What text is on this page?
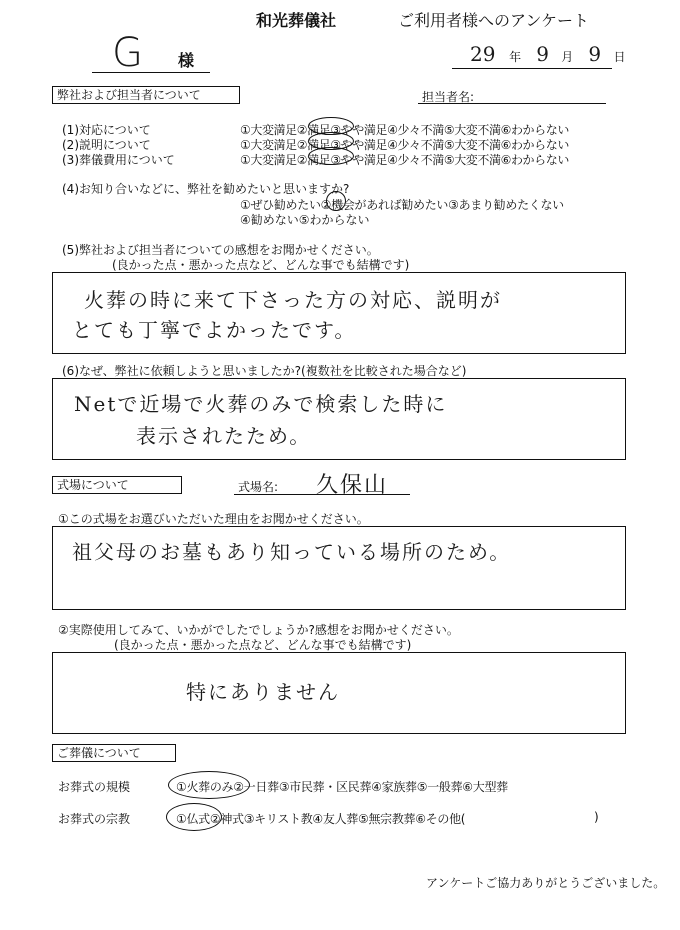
和光葬儀社	ご利用者様へのアンケート
G 様	29 年 9 月 9 日
弊社および担当者について	担当者名:
(1)対応について	①大変満足②満足③やや満足④少々不満⑤大変不満⑥わからない
(2)説明について	①大変満足②満足③やや満足④少々不満⑤大変不満⑥わからない
(3)葬儀費用について	①大変満足②満足③やや満足④少々不満⑤大変不満⑥わからない
(4)お知り合いなどに、弊社を勧めたいと思いますか?
①ぜひ勧めたい②機会があれば勧めたい③あまり勧めたくない
④勧めない⑤わからない
(5)弊社および担当者についての感想をお聞かせください。
(良かった点・悪かった点など、どんな事でも結構です)
火葬の時に来て下さった方の対応、説明が
とても丁寧でよかったです。
(6)なぜ、弊社に依頼しようと思いましたか?(複数社を比較された場合など)
Netで近場で火葬のみで検索した時に
表示されたため。
式場について	式場名: 久保山
①この式場をお選びいただいた理由をお聞かせください。
祖父母のお墓もあり知っている場所のため。
②実際使用してみて、いかがでしたでしょうか?感想をお聞かせください。
(良かった点・悪かった点など、どんな事でも結構です)
特にありません
ご葬儀について
お葬式の規模	①火葬のみ②一日葬③市民葬・区民葬④家族葬⑤一般葬⑥大型葬
お葬式の宗教	①仏式②神式③キリスト教④友人葬⑤無宗教葬⑥その他(	)
アンケートご協力ありがとうございました。
